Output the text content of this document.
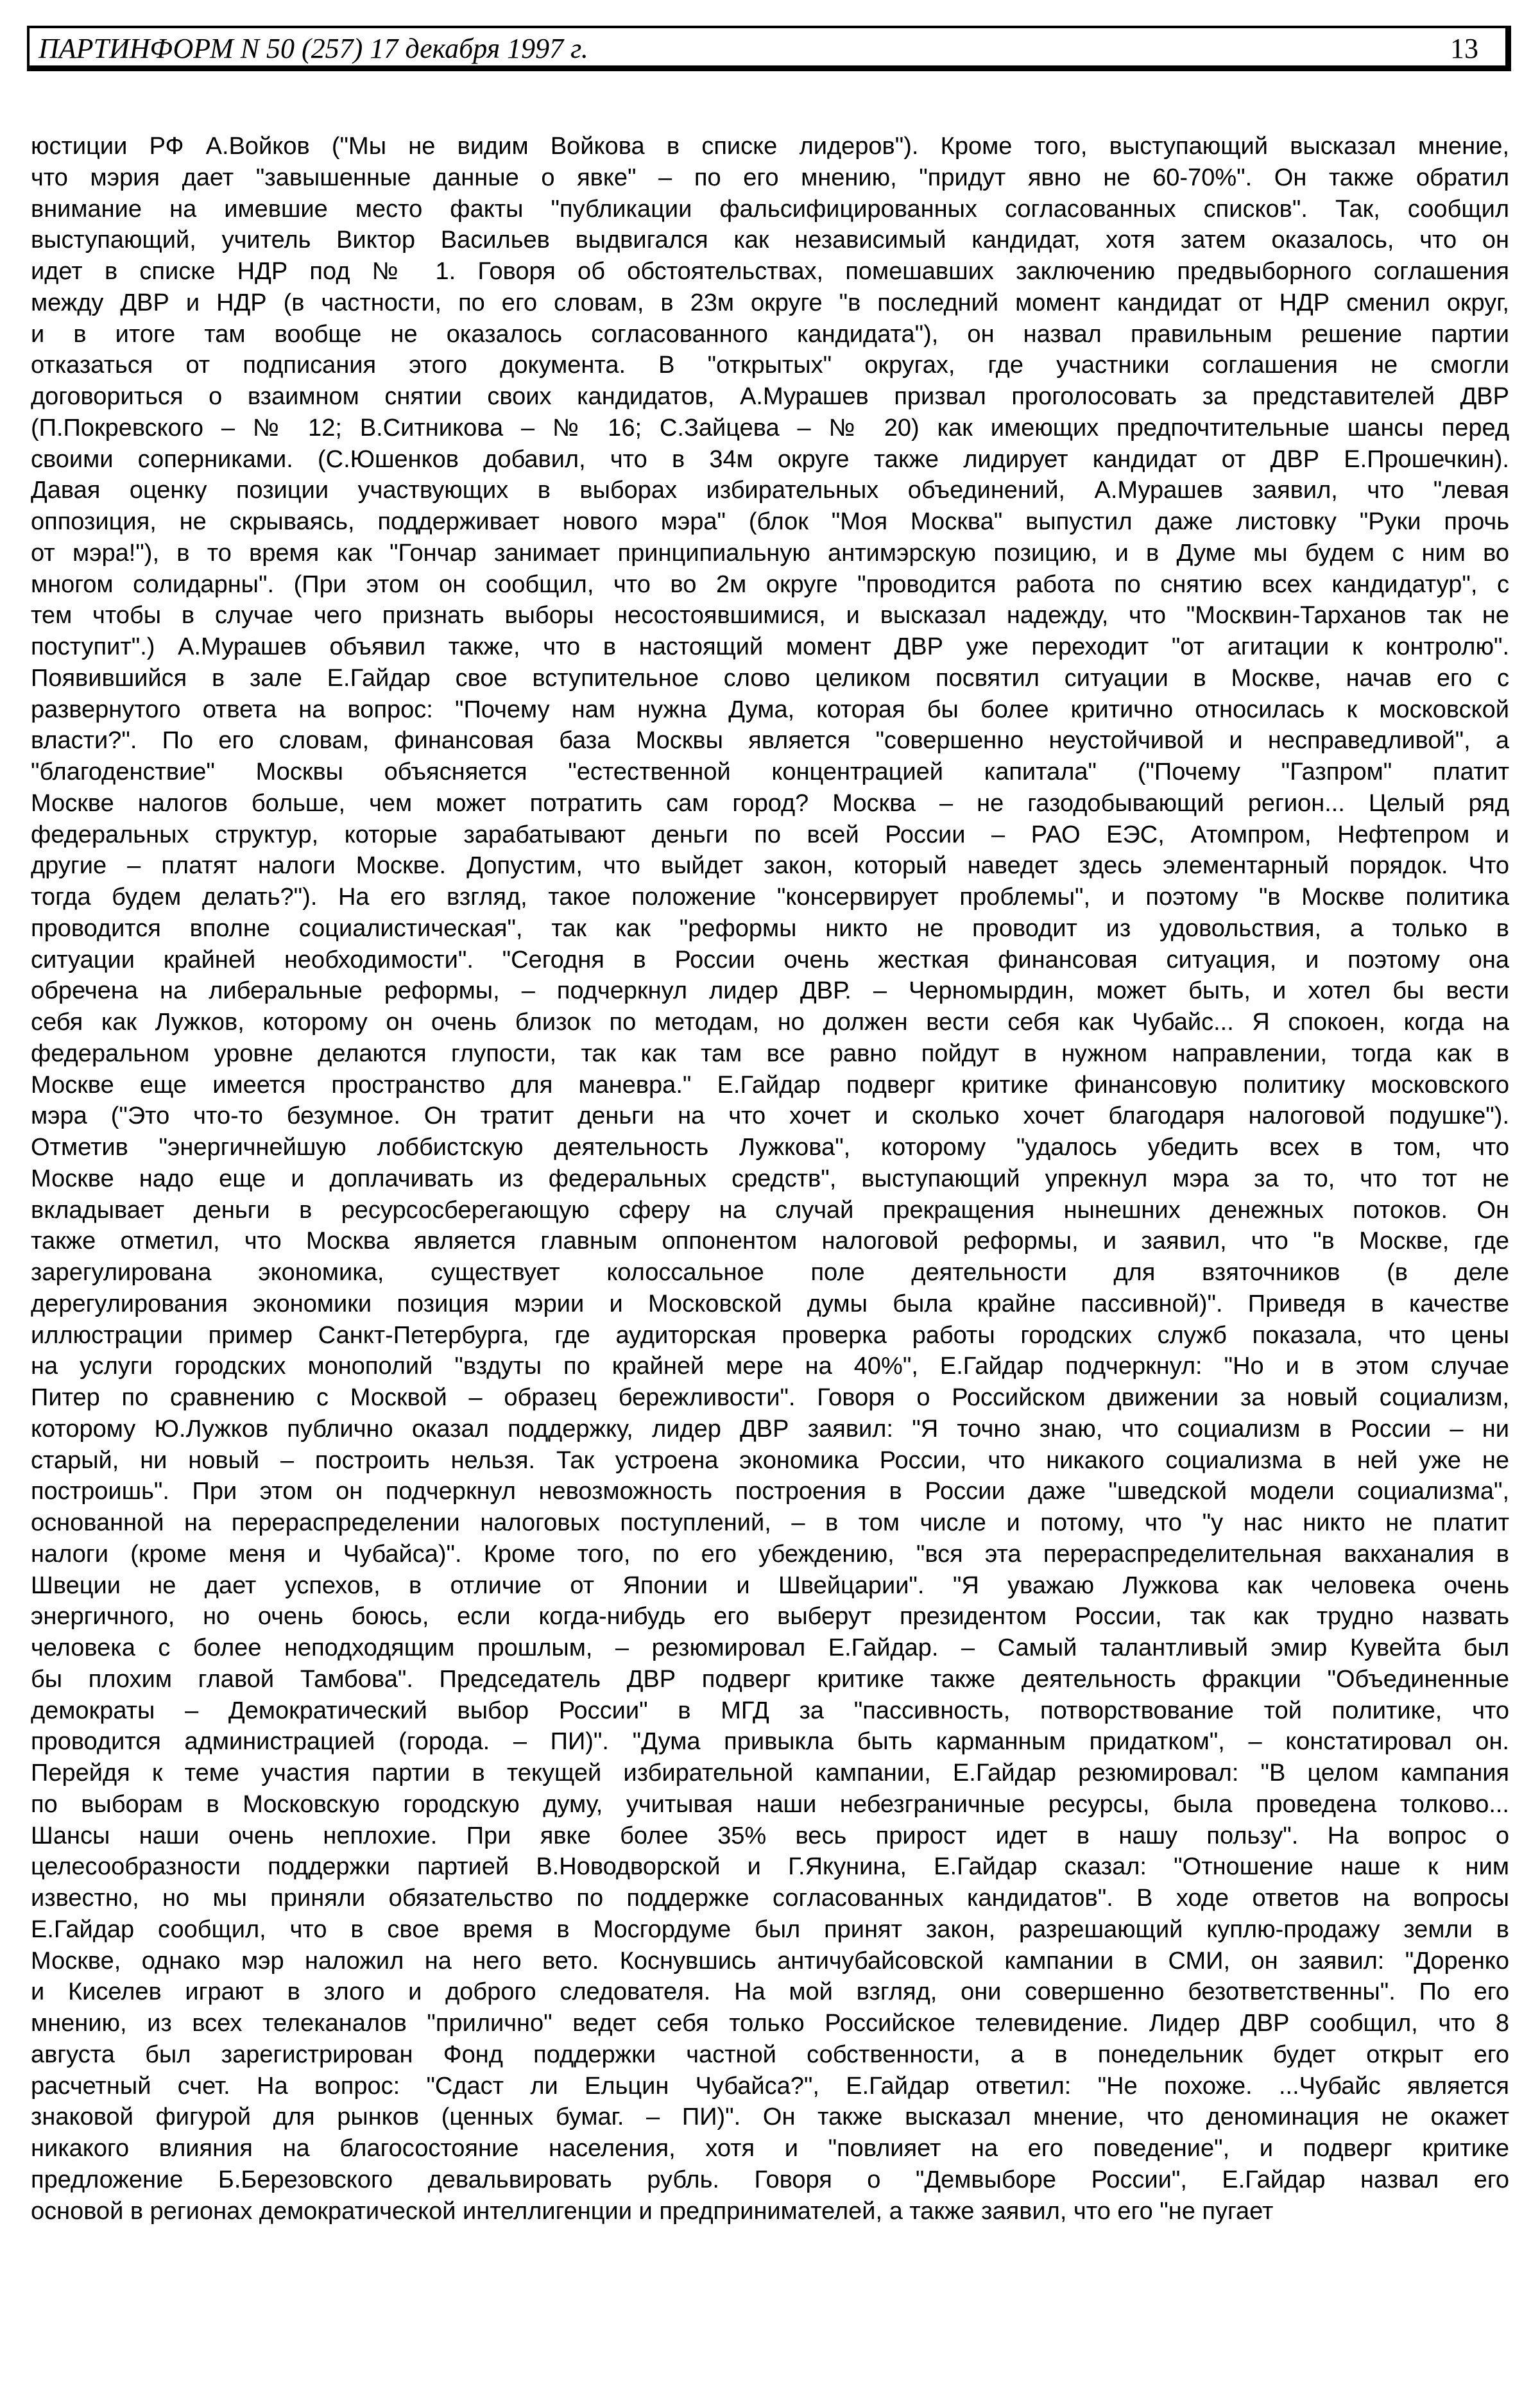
ПАРТИНФОРМ N 50 (257) 17 декабря 1997 г.	13
юстиции РФ А.Войков ("Мы не видим Войкова в списке лидеров"). Кроме того, выступающий высказал мнение,
что мэрия дает "завышенные данные о явке" – по его мнению, "придут явно не 60-70%". Он также обратил
внимание на имевшие место факты "публикации фальсифицированных согласованных списков". Так, сообщил
выступающий, учитель Виктор Васильев выдвигался как независимый кандидат, хотя затем оказалось, что он
идет в списке НДР под № 1. Говоря об обстоятельствах, помешавших заключению предвыборного соглашения
между ДВР и НДР (в частности, по его словам, в 23м округе "в последний момент кандидат от НДР сменил округ,
и в итоге там вообще не оказалось согласованного кандидата"), он назвал правильным решение партии
отказаться от подписания этого документа. В "открытых" округах, где участники соглашения не смогли
договориться о взаимном снятии своих кандидатов, А.Мурашев призвал проголосовать за представителей ДВР
(П.Покревского – № 12; В.Ситникова – № 16; С.Зайцева – № 20) как имеющих предпочтительные шансы перед
своими соперниками. (С.Юшенков добавил, что в 34м округе также лидирует кандидат от ДВР Е.Прошечкин).
Давая оценку позиции участвующих в выборах избирательных объединений, А.Мурашев заявил, что "левая
оппозиция, не скрываясь, поддерживает нового мэра" (блок "Моя Москва" выпустил даже листовку "Руки прочь
от мэра!"), в то время как "Гончар занимает принципиальную антимэрскую позицию, и в Думе мы будем с ним во
многом солидарны". (При этом он сообщил, что во 2м округе "проводится работа по снятию всех кандидатур", с
тем чтобы в случае чего признать выборы несостоявшимися, и высказал надежду, что "Москвин-Тарханов так не
поступит".) А.Мурашев объявил также, что в настоящий момент ДВР уже переходит "от агитации к контролю".
Появившийся в зале Е.Гайдар свое вступительное слово целиком посвятил ситуации в Москве, начав его с
развернутого ответа на вопрос: "Почему нам нужна Дума, которая бы более критично относилась к московской
власти?". По его словам, финансовая база Москвы является "совершенно неустойчивой и несправедливой", а
"благоденствие" Москвы объясняется "естественной концентрацией капитала" ("Почему "Газпром" платит
Москве налогов больше, чем может потратить сам город? Москва – не газодобывающий регион... Целый ряд
федеральных структур, которые зарабатывают деньги по всей России – РАО ЕЭС, Атомпром, Нефтепром и
другие – платят налоги Москве. Допустим, что выйдет закон, который наведет здесь элементарный порядок. Что
тогда будем делать?"). На его взгляд, такое положение "консервирует проблемы", и поэтому "в Москве политика
проводится вполне социалистическая", так как "реформы никто не проводит из удовольствия, а только в
ситуации крайней необходимости". "Сегодня в России очень жесткая финансовая ситуация, и поэтому она
обречена на либеральные реформы, – подчеркнул лидер ДВР. – Черномырдин, может быть, и хотел бы вести
себя как Лужков, которому он очень близок по методам, но должен вести себя как Чубайс... Я спокоен, когда на
федеральном уровне делаются глупости, так как там все равно пойдут в нужном направлении, тогда как в
Москве еще имеется пространство для маневра." Е.Гайдар подверг критике финансовую политику московского
мэра ("Это что-то безумное. Он тратит деньги на что хочет и сколько хочет благодаря налоговой подушке").
Отметив "энергичнейшую лоббистскую деятельность Лужкова", которому "удалось убедить всех в том, что
Москве надо еще и доплачивать из федеральных средств", выступающий упрекнул мэра за то, что тот не
вкладывает деньги в ресурсосберегающую сферу на случай прекращения нынешних денежных потоков. Он
также отметил, что Москва является главным оппонентом налоговой реформы, и заявил, что "в Москве, где
зарегулирована экономика, существует колоссальное поле деятельности для взяточников (в деле
дерегулирования экономики позиция мэрии и Московской думы была крайне пассивной)". Приведя в качестве
иллюстрации пример Санкт-Петербурга, где аудиторская проверка работы городских служб показала, что цены
на услуги городских монополий "вздуты по крайней мере на 40%", Е.Гайдар подчеркнул: "Но и в этом случае
Питер по сравнению с Москвой – образец бережливости". Говоря о Российском движении за новый социализм,
которому Ю.Лужков публично оказал поддержку, лидер ДВР заявил: "Я точно знаю, что социализм в России – ни
старый, ни новый – построить нельзя. Так устроена экономика России, что никакого социализма в ней уже не
построишь". При этом он подчеркнул невозможность построения в России даже "шведской модели социализма",
основанной на перераспределении налоговых поступлений, – в том числе и потому, что "у нас никто не платит
налоги (кроме меня и Чубайса)". Кроме того, по его убеждению, "вся эта перераспределительная вакханалия в
Швеции не дает успехов, в отличие от Японии и Швейцарии". "Я уважаю Лужкова как человека очень
энергичного, но очень боюсь, если когда-нибудь его выберут президентом России, так как трудно назвать
человека с более неподходящим прошлым, – резюмировал Е.Гайдар. – Самый талантливый эмир Кувейта был
бы плохим главой Тамбова". Председатель ДВР подверг критике также деятельность фракции "Объединенные
демократы – Демократический выбор России" в МГД за "пассивность, потворствование той политике, что
проводится администрацией (города. – ПИ)". "Дума привыкла быть карманным придатком", – констатировал он.
Перейдя к теме участия партии в текущей избирательной кампании, Е.Гайдар резюмировал: "В целом кампания
по выборам в Московскую городскую думу, учитывая наши небезграничные ресурсы, была проведена толково...
Шансы наши очень неплохие. При явке более 35% весь прирост идет в нашу пользу". На вопрос о
целесообразности поддержки партией В.Новодворской и Г.Якунина, Е.Гайдар сказал: "Отношение наше к ним
известно, но мы приняли обязательство по поддержке согласованных кандидатов". В ходе ответов на вопросы
Е.Гайдар сообщил, что в свое время в Мосгордуме был принят закон, разрешающий куплю-продажу земли в
Москве, однако мэр наложил на него вето. Коснувшись античубайсовской кампании в СМИ, он заявил: "Доренко
и Киселев играют в злого и доброго следователя. На мой взгляд, они совершенно безответственны". По его
мнению, из всех телеканалов "прилично" ведет себя только Российское телевидение. Лидер ДВР сообщил, что 8
августа был зарегистрирован Фонд поддержки частной собственности, а в понедельник будет открыт его
расчетный счет. На вопрос: "Сдаст ли Ельцин Чубайса?", Е.Гайдар ответил: "Не похоже. ...Чубайс является
знаковой фигурой для рынков (ценных бумаг. – ПИ)". Он также высказал мнение, что деноминация не окажет
никакого влияния на благосостояние населения, хотя и "повлияет на его поведение", и подверг критике
предложение Б.Березовского девальвировать рубль. Говоря о "Демвыборе России", Е.Гайдар назвал его
основой в регионах демократической интеллигенции и предпринимателей, а также заявил, что его "не пугает
